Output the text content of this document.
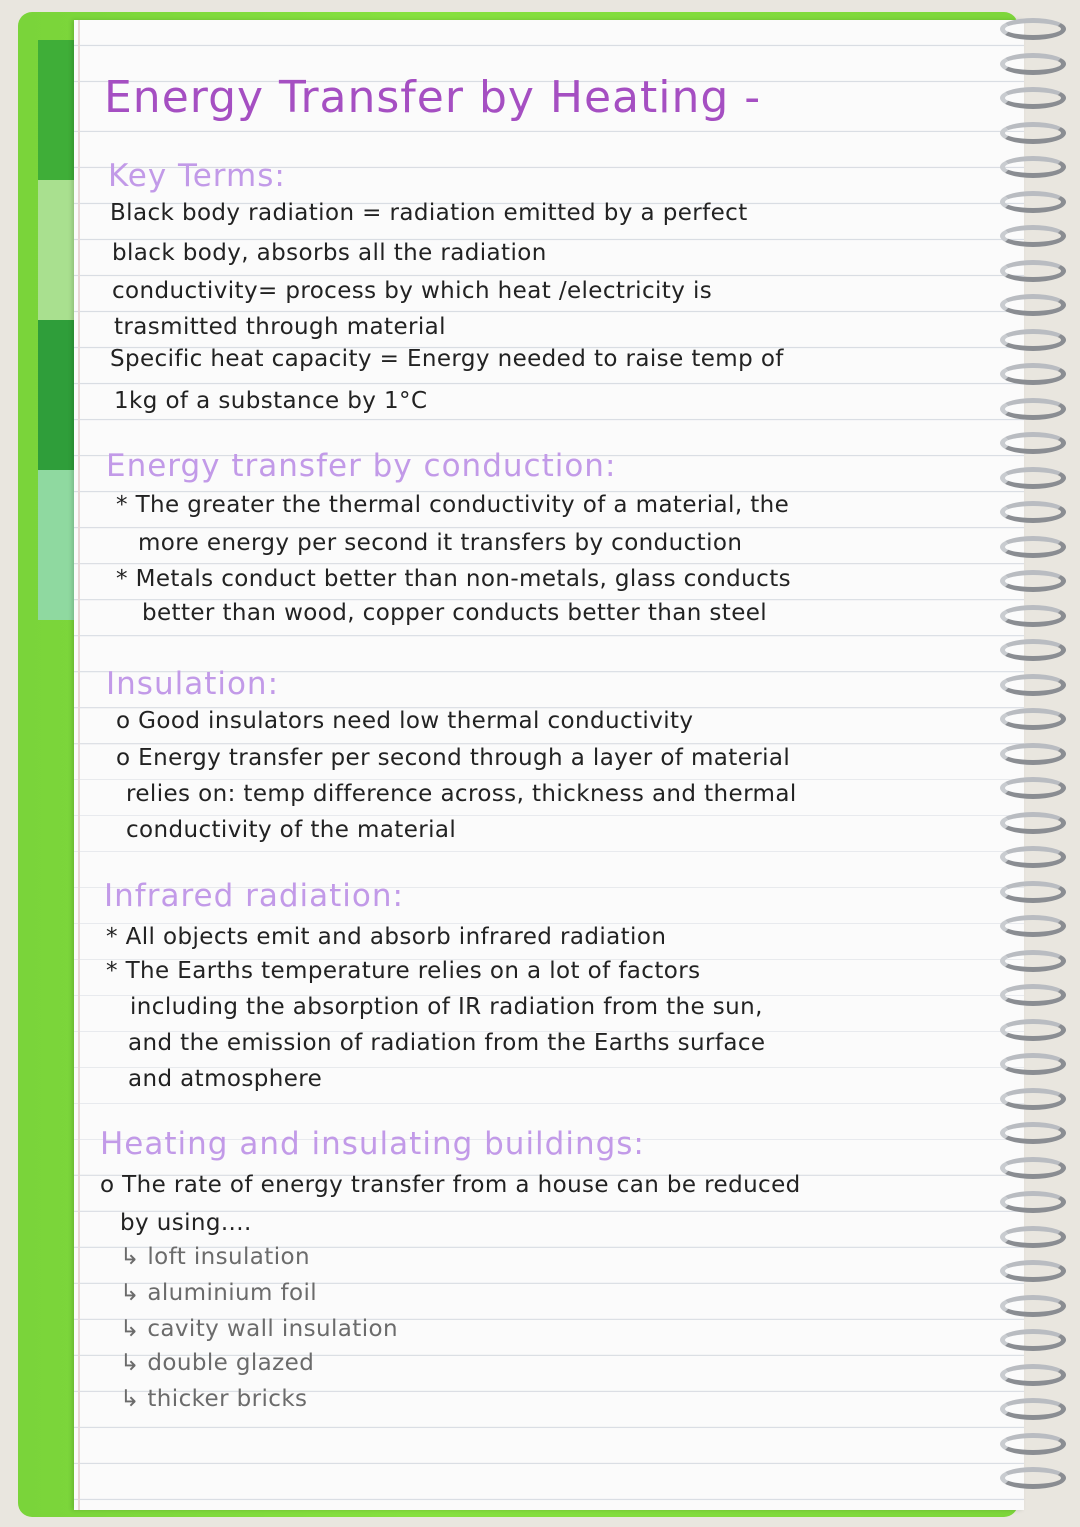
Energy Transfer by Heating -
Key Terms:
Black body radiation = radiation emitted by a perfect
black body, absorbs all the radiation
conductivity= process by which heat /electricity is
trasmitted through material
Specific heat capacity = Energy needed to raise temp of
1kg of a substance by 1°C
Energy transfer by conduction:
* The greater the thermal conductivity of a material, the
more energy per second it transfers by conduction
* Metals conduct better than non-metals, glass conducts
better than wood, copper conducts better than steel
Insulation:
o Good insulators need low thermal conductivity
o Energy transfer per second through a layer of material
relies on: temp difference across, thickness and thermal
conductivity of the material
Infrared radiation:
* All objects emit and absorb infrared radiation
* The Earths temperature relies on a lot of factors
including the absorption of IR radiation from the sun,
and the emission of radiation from the Earths surface
and atmosphere
Heating and insulating buildings:
o The rate of energy transfer from a house can be reduced
by using....
↳ loft insulation
↳ aluminium foil
↳ cavity wall insulation
↳ double glazed
↳ thicker bricks
